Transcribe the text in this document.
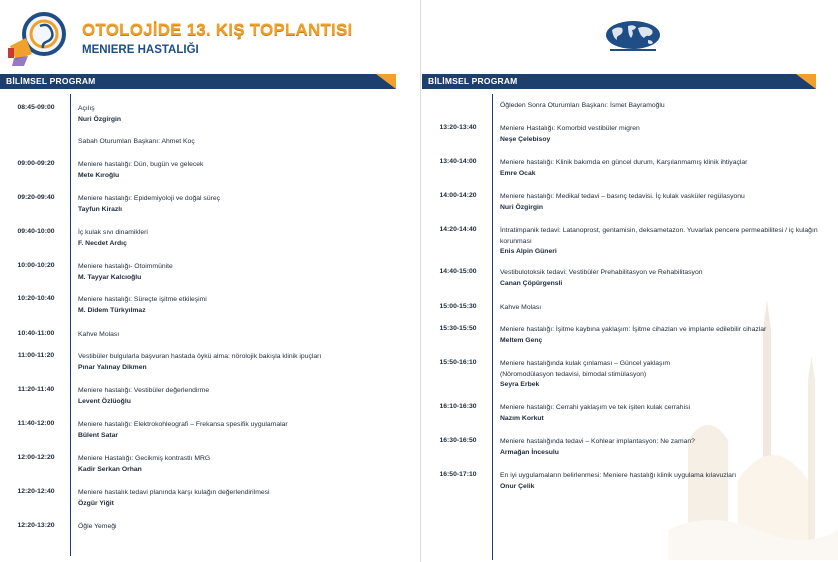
OTOLOJİDE 13. KIŞ TOPLANTISI
MENIERE HASTALIĞI
BİLİMSEL PROGRAM
08:45-09:00	Açılış
Nuri Özgirgin
Sabah Oturumları Başkanı: Ahmet Koç
09:00-09:20	Meniere hastalığı: Dün, bugün ve gelecek
Mete Kıroğlu
09:20-09:40	Meniere hastalığı: Epidemiyoloji ve doğal süreç
Tayfun Kirazlı
09:40-10:00	İç kulak sıvı dinamikleri
F. Necdet Ardıç
10:00-10:20	Meniere hastalığı- Otoimmünite
M. Tayyar Kalcıoğlu
10:20-10:40	Meniere hastalığı: Süreçte işitme etkileşimi
M. Didem Türkyılmaz
10:40-11:00	Kahve Molası
11:00-11:20	Vestibüler bulgularla başvuran hastada öykü alma: nörolojik bakışla klinik ipuçları
Pınar Yalınay Dikmen
11:20-11:40	Meniere hastalığı: Vestibüler değerlendirme
Levent Özlüoğlu
11:40-12:00	Meniere hastalığı: Elektrokohleografi – Frekansa spesifik uygulamalar
Bülent Satar
12:00-12:20	Meniere Hastalığı: Gecikmiş kontrastlı MRG
Kadir Serkan Orhan
12:20-12:40	Meniere hastalık tedavi planında karşı kulağın değerlendirilmesi
Özgür Yiğit
12:20-13:20	Öğle Yemeği
BİLİMSEL PROGRAM
Öğleden Sonra Oturumları Başkanı: İsmet Bayramoğlu
13:20-13:40	Meniere Hastalığı: Komorbid vestibüler migren
Neşe Çelebisoy
13:40-14:00	Meniere hastalığı: Klinik bakımda en güncel durum, Karşılanmamış klinik ihtiyaçlar
Emre Ocak
14:00-14:20	Meniere hastalığı: Medikal tedavi – basınç tedavisi. İç kulak vasküler regülasyonu
Nuri Özgirgin
14:20-14:40	İntratimpanik tedavi: Latanoprost, gentamisin, deksametazon. Yuvarlak pencere permeabilitesi / iç kulağın korunması
Enis Alpin Güneri
14:40-15:00	Vestibulotoksik tedavi: Vestibüler Prehabilitasyon ve Rehabilitasyon
Canan Çöpürgensli
15:00-15:30	Kahve Molası
15:30-15:50	Meniere hastalığı: İşitme kaybına yaklaşım: İşitme cihazları ve implante edilebilir cihazlar
Meltem Genç
15:50-16:10	Meniere hastalığında kulak çınlaması – Güncel yaklaşım
(Nöromodülasyon tedavisi, bimodal stimülasyon)
Seyra Erbek
16:10-16:30	Meniere hastalığı: Cerrahi yaklaşım ve tek işiten kulak cerrahisi
Nazım Korkut
16:30-16:50	Meniere hastalığında tedavi – Kohlear implantasyon: Ne zaman?
Armağan İncesulu
16:50-17:10	En iyi uygulamaların belirlenmesi: Meniere hastalığı klinik uygulama kılavuzları
Onur Çelik
